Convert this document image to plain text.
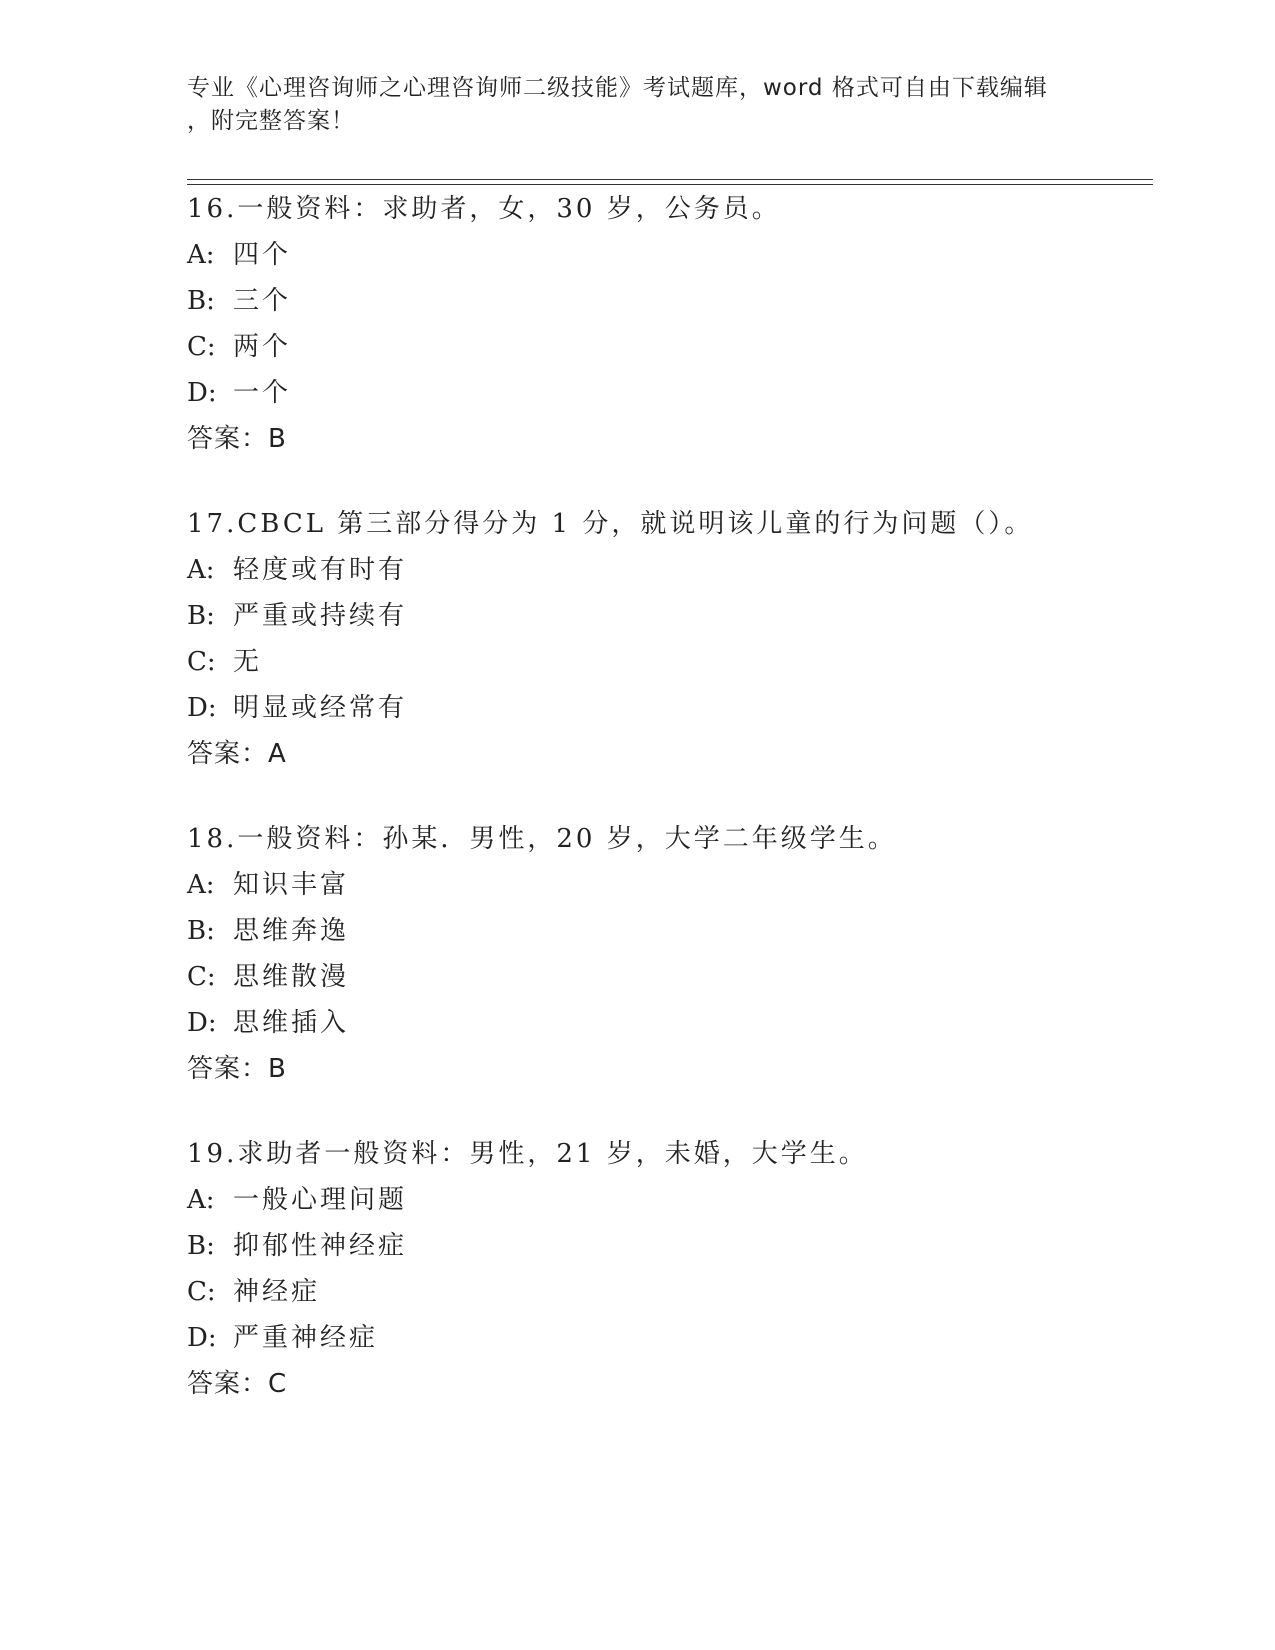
专业《心理咨询师之心理咨询师二级技能》考试题库，word 格式可自由下载编辑
，附完整答案！
16.一般资料：求助者，女，30 岁，公务员。
A: 四个
B: 三个
C: 两个
D: 一个
答案：B
17.CBCL 第三部分得分为 1 分，就说明该儿童的行为问题（）。
A: 轻度或有时有
B: 严重或持续有
C: 无
D: 明显或经常有
答案：A
18.一般资料：孙某．男性，20 岁，大学二年级学生。
A: 知识丰富
B: 思维奔逸
C: 思维散漫
D: 思维插入
答案：B
19.求助者一般资料：男性，21 岁，未婚，大学生。
A: 一般心理问题
B: 抑郁性神经症
C: 神经症
D: 严重神经症
答案：C
